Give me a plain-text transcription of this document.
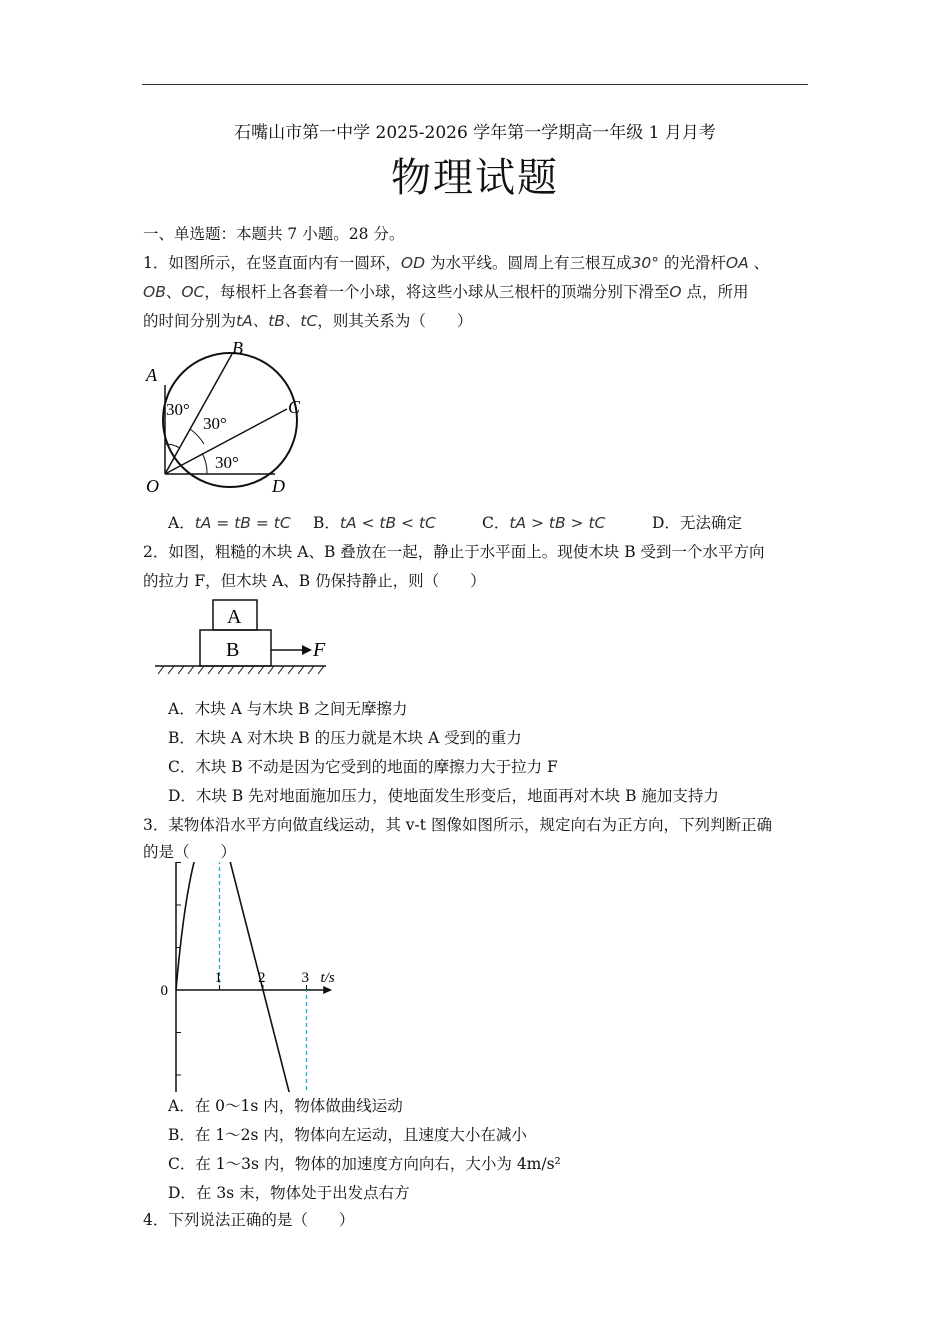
石嘴山市第一中学 2025-2026 学年第一学期高一年级 1 月月考
物理试题
一、单选题：本题共 7 小题。28 分。
1．如图所示，在竖直面内有一圆环，OD 为水平线。圆周上有三根互成30° 的光滑杆OA 、
OB、OC，每根杆上各套着一个小球，将这些小球从三根杆的顶端分别下滑至O 点，所用
的时间分别为tA、tB、tC，则其关系为（　　）
A
B
C
O	D
30°
30°
30°
A．tA = tB = tC B．tA < tB < tC	C．tA > tB > tC	D．无法确定
2．如图，粗糙的木块 A、B 叠放在一起，静止于水平面上。现使木块 B 受到一个水平方向
的拉力 F，但木块 A、B 仍保持静止，则（　　）
A
B	F
A．木块 A 与木块 B 之间无摩擦力
B．木块 A 对木块 B 的压力就是木块 A 受到的重力
C．木块 B 不动是因为它受到的地面的摩擦力大于拉力 F
D．木块 B 先对地面施加压力，使地面发生形变后，地面再对木块 B 施加支持力
3．某物体沿水平方向做直线运动，其 v-t 图像如图所示，规定向右为正方向，下列判断正确
的是（　　）
1 2 3
0
t/s
A．在 0～1s 内，物体做曲线运动
B．在 1～2s 内，物体向左运动，且速度大小在减小
C．在 1～3s 内，物体的加速度方向向右，大小为 4m/s²
D．在 3s 末，物体处于出发点右方
4．下列说法正确的是（　　）
